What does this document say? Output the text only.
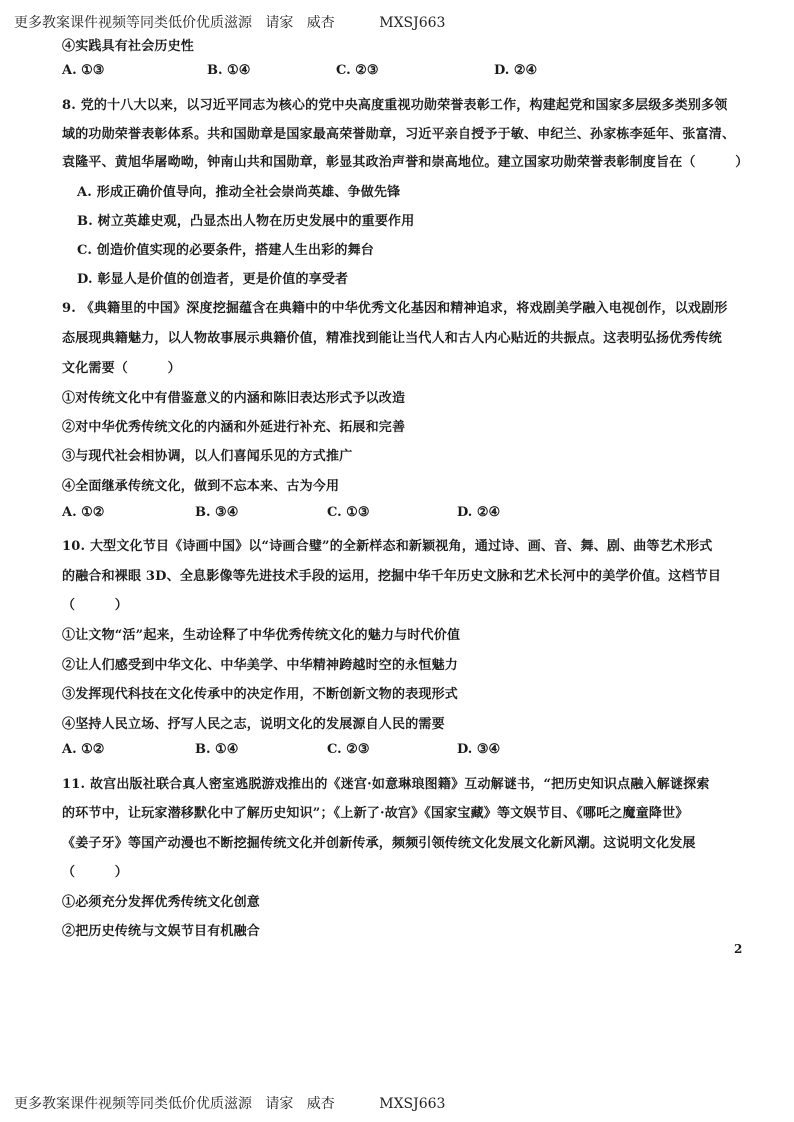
更多教案课件视频等同类低价优质滋源 请家 威杏	MXSJ663
④实践具有社会历史性
A. ①③	B. ①④	C. ②③	D. ②④
8. 党的十八大以来，以习近平同志为核心的党中央高度重视功勋荣誉表彰工作，构建起党和国家多层级多类别多领
域的功勋荣誉表彰体系。共和国勋章是国家最高荣誉勋章，习近平亲自授予于敏、申纪兰、孙家栋李延年、张富清、
袁隆平、黄旭华屠呦呦，钟南山共和国勋章，彰显其政治声誉和崇高地位。建立国家功勋荣誉表彰制度旨在（　　　）
A. 形成正确价值导向，推动全社会崇尚英雄、争做先锋
B. 树立英雄史观，凸显杰出人物在历史发展中的重要作用
C. 创造价值实现的必要条件，搭建人生出彩的舞台
D. 彰显人是价值的创造者，更是价值的享受者
9. 《典籍里的中国》深度挖掘蕴含在典籍中的中华优秀文化基因和精神追求，将戏剧美学融入电视创作，以戏剧形
态展现典籍魅力，以人物故事展示典籍价值，精准找到能让当代人和古人内心贴近的共振点。这表明弘扬优秀传统
文化需要（　　　）
①对传统文化中有借鉴意义的内涵和陈旧表达形式予以改造
②对中华优秀传统文化的内涵和外延进行补充、拓展和完善
③与现代社会相协调，以人们喜闻乐见的方式推广
④全面继承传统文化，做到不忘本来、古为今用
A. ①②	B. ③④	C. ①③	D. ②④
10. 大型文化节目《诗画中国》以“诗画合璧”的全新样态和新颖视角，通过诗、画、音、舞、剧、曲等艺术形式
的融合和裸眼 3D、全息影像等先进技术手段的运用，挖掘中华千年历史文脉和艺术长河中的美学价值。这档节目
（　　　）
①让文物“活”起来，生动诠释了中华优秀传统文化的魅力与时代价值
②让人们感受到中华文化、中华美学、中华精神跨越时空的永恒魅力
③发挥现代科技在文化传承中的决定作用，不断创新文物的表现形式
④坚持人民立场、抒写人民之志，说明文化的发展源自人民的需要
A. ①②	B. ①④	C. ②③	D. ③④
11. 故宫出版社联合真人密室逃脱游戏推出的《迷宫·如意琳琅图籍》互动解谜书，“把历史知识点融入解谜探索
的环节中，让玩家潜移默化中了解历史知识”；《上新了·故宫》《国家宝藏》等文娱节目、《哪吒之魔童降世》
《姜子牙》等国产动漫也不断挖掘传统文化并创新传承，频频引领传统文化发展文化新风潮。这说明文化发展
（　　　）
①必须充分发挥优秀传统文化创意
②把历史传统与文娱节目有机融合
2
更多教案课件视频等同类低价优质滋源 请家 威杏	MXSJ663
